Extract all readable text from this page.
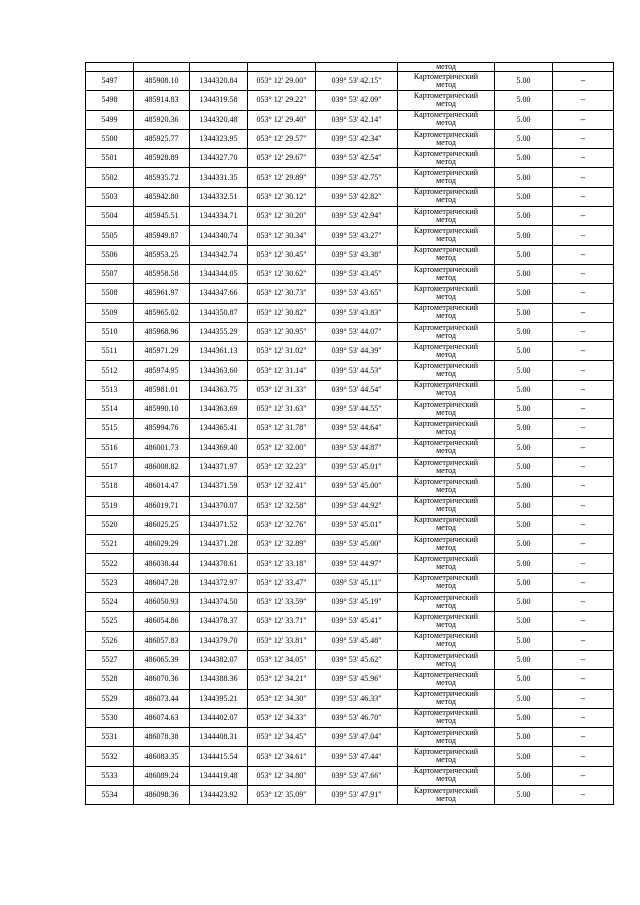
					метод		
5497	485908.10	1344320.84	053° 12' 29.00"	039° 53' 42.15"	Картометрический
метод	5.00	–
5498	485914.83	1344319.58	053° 12' 29.22"	039° 53' 42.09"	Картометрический
метод	5.00	–
5499	485920.36	1344320.48	053° 12' 29.40"	039° 53' 42.14"	Картометрический
метод	5.00	–
5500	485925.77	1344323.95	053° 12' 29.57"	039° 53' 42.34"	Картометрический
метод	5.00	–
5501	485928.89	1344327.70	053° 12' 29.67"	039° 53' 42.54"	Картометрический
метод	5.00	–
5502	485935.72	1344331.35	053° 12' 29.89"	039° 53' 42.75"	Картометрический
метод	5.00	–
5503	485942.80	1344332.51	053° 12' 30.12"	039° 53' 42.82"	Картометрический
метод	5.00	–
5504	485945.51	1344334.71	053° 12' 30.20"	039° 53' 42.94"	Картометрический
метод	5.00	–
5505	485949.87	1344340.74	053° 12' 30.34"	039° 53' 43.27"	Картометрический
метод	5.00	–
5506	485953.25	1344342.74	053° 12' 30.45"	039° 53' 43.38"	Картометрический
метод	5.00	–
5507	485958.58	1344344.05	053° 12' 30.62"	039° 53' 43.45"	Картометрический
метод	5.00	–
5508	485961.97	1344347.66	053° 12' 30.73"	039° 53' 43.65"	Картометрический
метод	5.00	–
5509	485965.02	1344350.87	053° 12' 30.82"	039° 53' 43.83"	Картометрический
метод	5.00	–
5510	485968.96	1344355.29	053° 12' 30.95"	039° 53' 44.07"	Картометрический
метод	5.00	–
5511	485971.29	1344361.13	053° 12' 31.02"	039° 53' 44.39"	Картометрический
метод	5.00	–
5512	485974.95	1344363.60	053° 12' 31.14"	039° 53' 44.53"	Картометрический
метод	5.00	–
5513	485981.01	1344363.75	053° 12' 31.33"	039° 53' 44.54"	Картометрический
метод	5.00	–
5514	485990.10	1344363.69	053° 12' 31.63"	039° 53' 44.55"	Картометрический
метод	5.00	–
5515	485994.76	1344365.41	053° 12' 31.78"	039° 53' 44.64"	Картометрический
метод	5.00	–
5516	486001.73	1344369.40	053° 12' 32.00"	039° 53' 44.87"	Картометрический
метод	5.00	–
5517	486008.82	1344371.97	053° 12' 32.23"	039° 53' 45.01"	Картометрический
метод	5.00	–
5518	486014.47	1344371.59	053° 12' 32.41"	039° 53' 45.00"	Картометрический
метод	5.00	–
5519	486019.71	1344370.07	053° 12' 32.58"	039° 53' 44.92"	Картометрический
метод	5.00	–
5520	486025.25	1344371.52	053° 12' 32.76"	039° 53' 45.01"	Картометрический
метод	5.00	–
5521	486029.29	1344371.28	053° 12' 32.89"	039° 53' 45.00"	Картометрический
метод	5.00	–
5522	486038.44	1344370.61	053° 12' 33.18"	039° 53' 44.97"	Картометрический
метод	5.00	–
5523	486047.28	1344372.97	053° 12' 33.47"	039° 53' 45.11"	Картометрический
метод	5.00	–
5524	486050.93	1344374.50	053° 12' 33.59"	039° 53' 45.19"	Картометрический
метод	5.00	–
5525	486054.86	1344378.37	053° 12' 33.71"	039° 53' 45.41"	Картометрический
метод	5.00	–
5526	486057.83	1344379.70	053° 12' 33.81"	039° 53' 45.48"	Картометрический
метод	5.00	–
5527	486065.39	1344382.07	053° 12' 34.05"	039° 53' 45.62"	Картометрический
метод	5.00	–
5528	486070.36	1344388.36	053° 12' 34.21"	039° 53' 45.96"	Картометрический
метод	5.00	–
5529	486073.44	1344395.21	053° 12' 34.30"	039° 53' 46.33"	Картометрический
метод	5.00	–
5530	486074.63	1344402.07	053° 12' 34.33"	039° 53' 46.70"	Картометрический
метод	5.00	–
5531	486078.38	1344408.31	053° 12' 34.45"	039° 53' 47.04"	Картометрический
метод	5.00	–
5532	486083.35	1344415.54	053° 12' 34.61"	039° 53' 47.44"	Картометрический
метод	5.00	–
5533	486089.24	1344419.48	053° 12' 34.80"	039° 53' 47.66"	Картометрический
метод	5.00	–
5534	486098.36	1344423.92	053° 12' 35.09"	039° 53' 47.91"	Картометрический
метод	5.00	–
